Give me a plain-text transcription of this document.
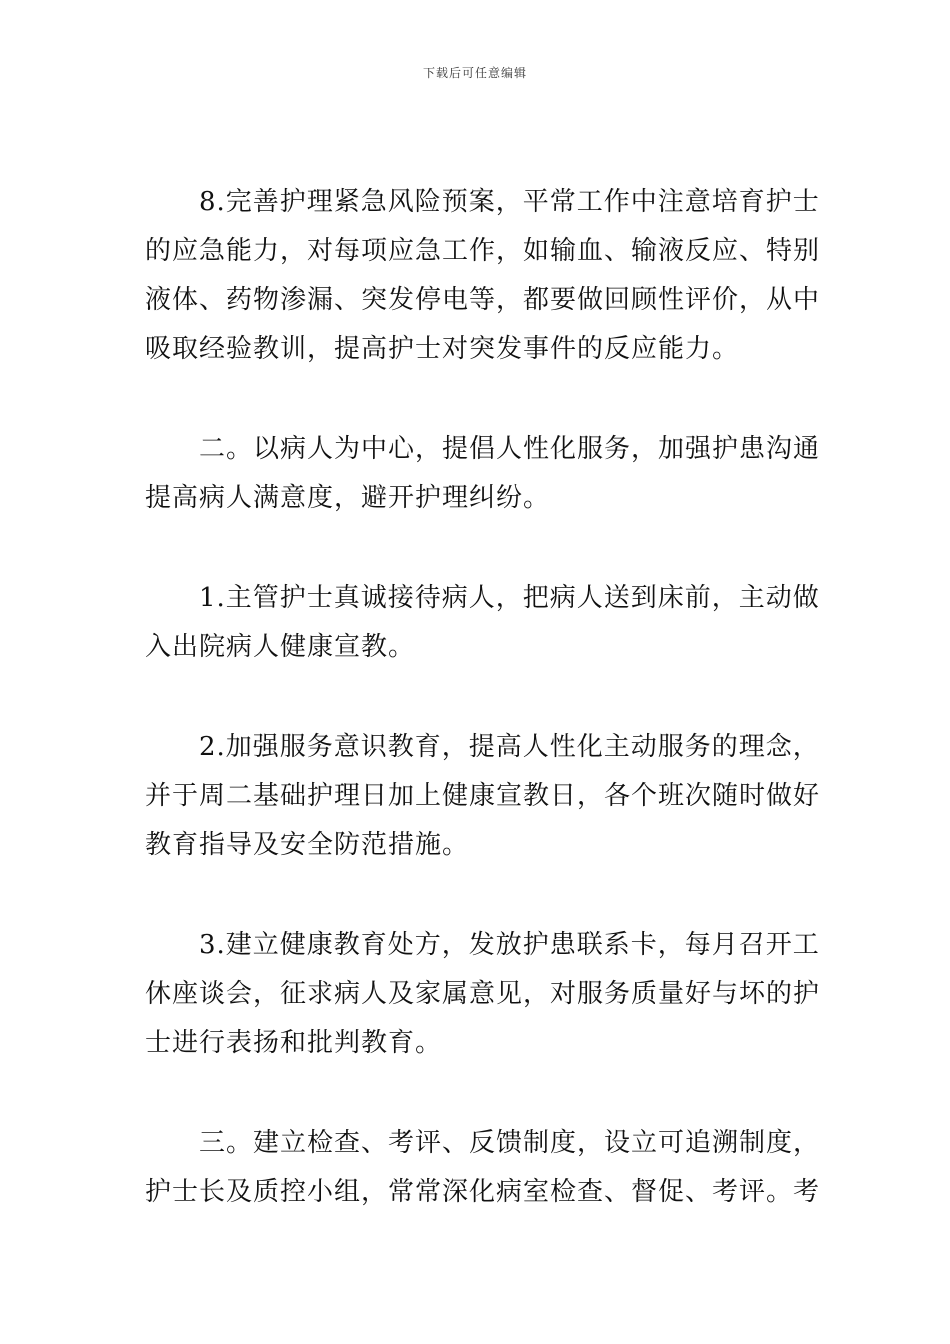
下载后可任意编辑

8.完善护理紧急风险预案，平常工作中注意培育护士
的应急能力，对每项应急工作，如输血、输液反应、特别
液体、药物渗漏、突发停电等，都要做回顾性评价，从中
吸取经验教训，提高护士对突发事件的反应能力。

二。以病人为中心，提倡人性化服务，加强护患沟通
提高病人满意度，避开护理纠纷。

1.主管护士真诚接待病人，把病人送到床前，主动做
入出院病人健康宣教。

2.加强服务意识教育，提高人性化主动服务的理念，
并于周二基础护理日加上健康宣教日，各个班次随时做好
教育指导及安全防范措施。

3.建立健康教育处方，发放护患联系卡，每月召开工
休座谈会，征求病人及家属意见，对服务质量好与坏的护
士进行表扬和批判教育。

三。建立检查、考评、反馈制度，设立可追溯制度，
护士长及质控小组，常常深化病室检查、督促、考评。考
